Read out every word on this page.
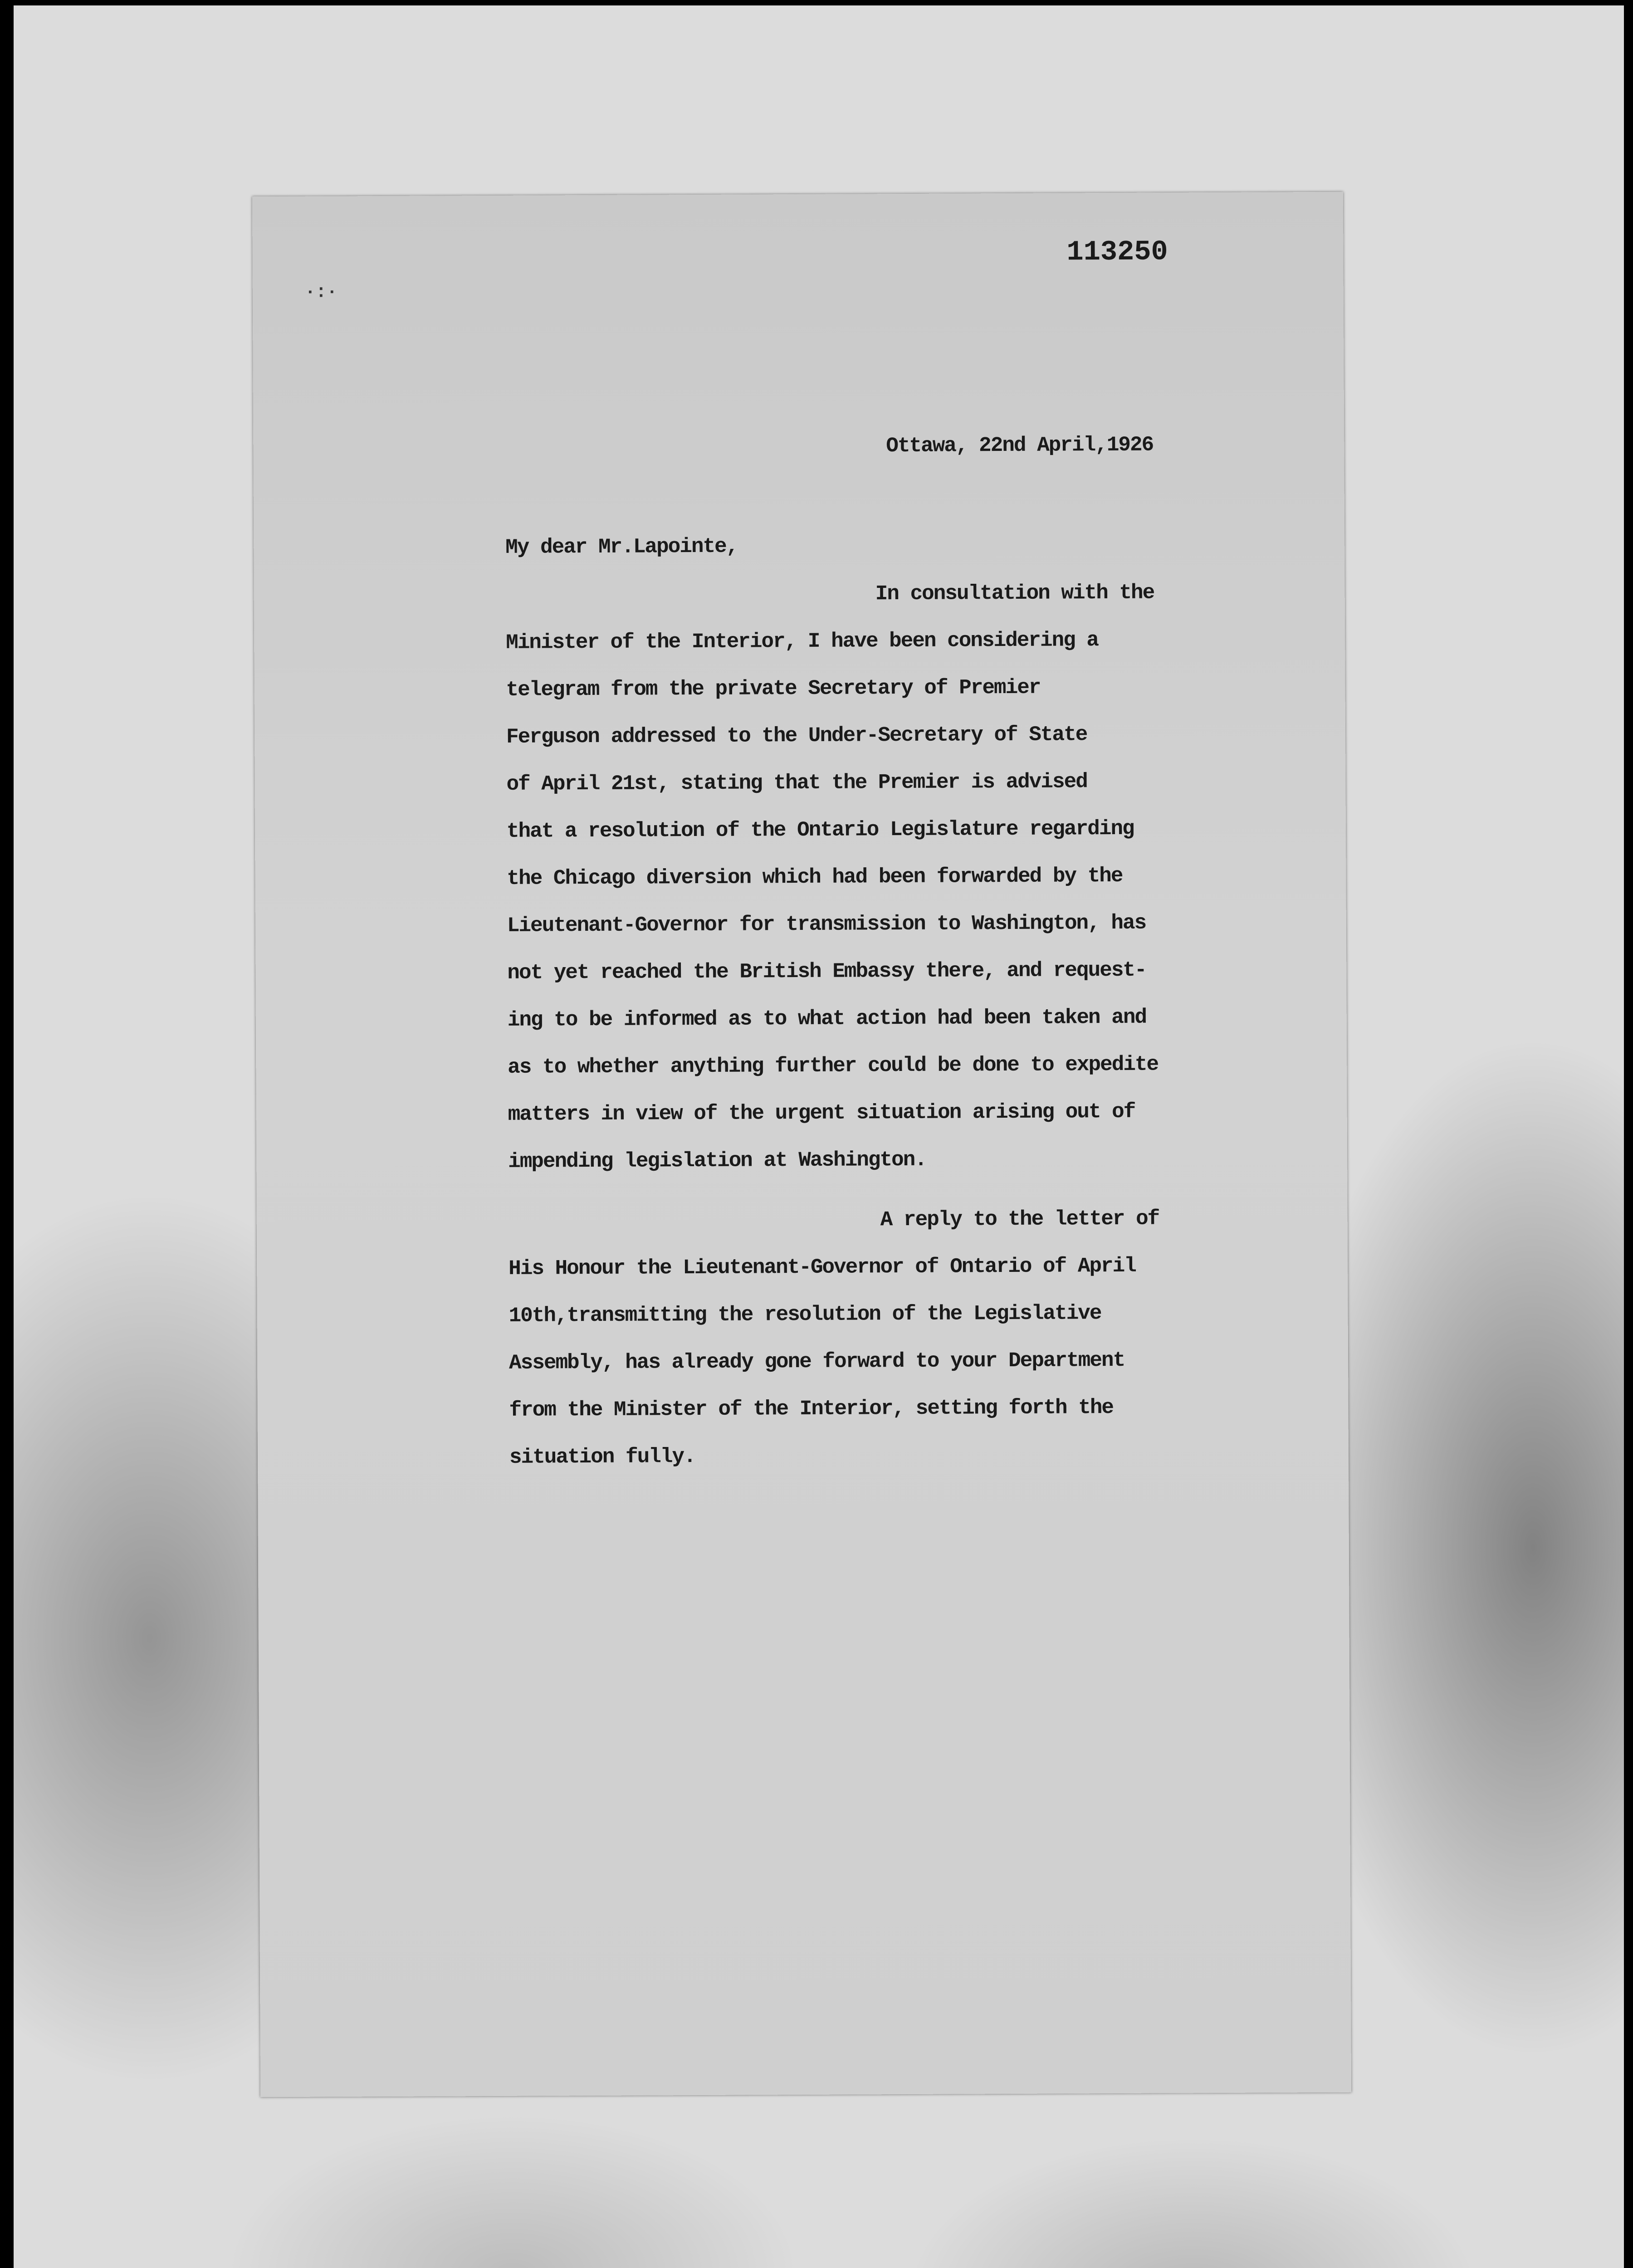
·:·
113250
Ottawa, 22nd April,1926
My dear Mr.Lapointe,
In consultation with the
Minister of the Interior, I have been considering a
telegram from the private Secretary of Premier
Ferguson addressed to the Under-Secretary of State
of April 21st, stating that the Premier is advised
that a resolution of the Ontario Legislature regarding
the Chicago diversion which had been forwarded by the
Lieutenant-Governor for transmission to Washington, has
not yet reached the British Embassy there, and request-
ing to be informed as to what action had been taken and
as to whether anything further could be done to expedite
matters in view of the urgent situation arising out of
impending legislation at Washington.
A reply to the letter of
His Honour the Lieutenant-Governor of Ontario of April
10th,transmitting the resolution of the Legislative
Assembly, has already gone forward to your Department
from the Minister of the Interior, setting forth the
situation fully.
